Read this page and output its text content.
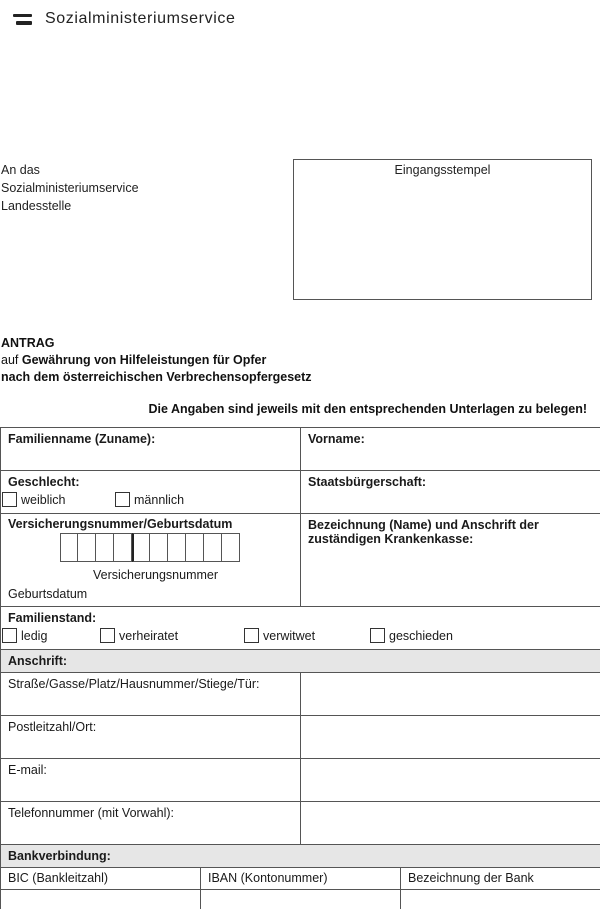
Sozialministeriumservice
An das
Sozialministeriumservice
Landesstelle
Eingangsstempel
ANTRAG
auf Gewährung von Hilfeleistungen für Opfer
nach dem österreichischen Verbrechensopfergesetz
Die Angaben sind jeweils mit den entsprechenden Unterlagen zu belegen!
Familienname (Zuname):		Vorname:	

Geschlecht:
weiblich männlich		Staatsbürgerschaft:	

Versicherungsnummer/Geburtsdatum
Versicherungsnummer
Geburtsdatum		Bezeichnung (Name) und Anschrift der zuständigen Krankenkasse:	

Familienstand:
ledig verheiratet verwitwet geschieden			

Anschrift:			
Straße/Gasse/Platz/Hausnummer/Stiege/Tür:			
Postleitzahl/Ort:			
E-mail:			
Telefonnummer (mit Vorwahl):			
Bankverbindung:			
BIC (Bankleitzahl)	IBAN (Kontonummer)		Bezeichnung der Bank
